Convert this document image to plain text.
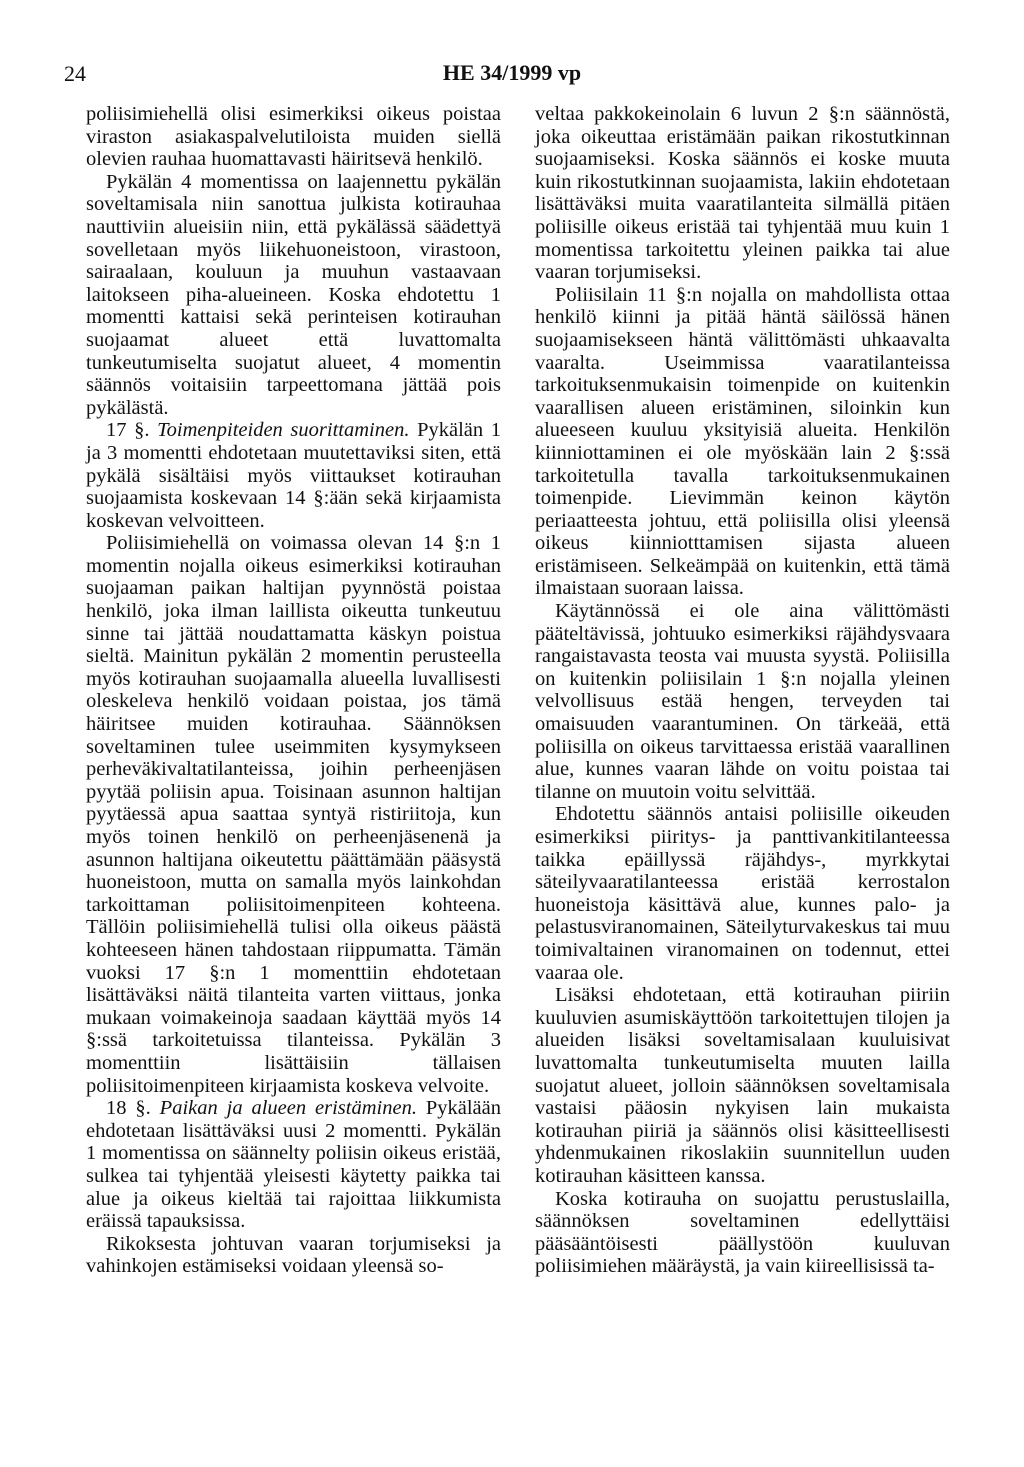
24	HE 34/1999 vp

poliisimiehellä olisi esimerkiksi oikeus poistaa viraston asiakaspalvelutiloista muiden siellä olevien rauhaa huomattavasti häiritsevä henkilö.

Pykälän 4 momentissa on laajennettu pykälän soveltamisala niin sanottua julkista kotirauhaa nauttiviin alueisiin niin, että pykälässä säädettyä sovelletaan myös liikehuoneistoon, virastoon, sairaalaan, kouluun ja muuhun vastaavaan laitokseen piha-alueineen. Koska ehdotettu 1 momentti kattaisi sekä perinteisen kotirauhan suojaamat alueet että luvattomalta tunkeutumiselta suojatut alueet, 4 momentin säännös voitaisiin tarpeettomana jättää pois pykälästä.

17 §. Toimenpiteiden suorittaminen. Pykälän 1 ja 3 momentti ehdotetaan muutettaviksi siten, että pykälä sisältäisi myös viittaukset kotirauhan suojaamista koskevaan 14 §:ään sekä kirjaamista koskevan velvoitteen.

Poliisimiehellä on voimassa olevan 14 §:n 1 momentin nojalla oikeus esimerkiksi kotirauhan suojaaman paikan haltijan pyynnöstä poistaa henkilö, joka ilman laillista oikeutta tunkeutuu sinne tai jättää noudattamatta käskyn poistua sieltä. Mainitun pykälän 2 momentin perusteella myös kotirauhan suojaamalla alueella luvallisesti oleskeleva henkilö voidaan poistaa, jos tämä häiritsee muiden kotirauhaa. Säännöksen soveltaminen tulee useimmiten kysymykseen perheväkivaltatilanteissa, joihin perheenjäsen pyytää poliisin apua. Toisinaan asunnon haltijan pyytäessä apua saattaa syntyä ristiriitoja, kun myös toinen henkilö on perheenjäsenenä ja asunnon haltijana oikeutettu päättämään pääsystä huoneistoon, mutta on samalla myös lainkohdan tarkoittaman poliisitoimenpiteen kohteena. Tällöin poliisimiehellä tulisi olla oikeus päästä kohteeseen hänen tahdostaan riippumatta. Tämän vuoksi 17 §:n 1 momenttiin ehdotetaan lisättäväksi näitä tilanteita varten viittaus, jonka mukaan voimakeinoja saadaan käyttää myös 14 §:ssä tarkoitetuissa tilanteissa. Pykälän 3 momenttiin lisättäisiin tällaisen poliisitoimenpiteen kirjaamista koskeva velvoite.

18 §. Paikan ja alueen eristäminen. Pykälään ehdotetaan lisättäväksi uusi 2 momentti. Pykälän 1 momentissa on säännelty poliisin oikeus eristää, sulkea tai tyhjentää yleisesti käytetty paikka tai alue ja oikeus kieltää tai rajoittaa liikkumista eräissä tapauksissa.

Rikoksesta johtuvan vaaran torjumiseksi ja vahinkojen estämiseksi voidaan yleensä so-

veltaa pakkokeinolain 6 luvun 2 §:n säännöstä, joka oikeuttaa eristämään paikan rikostutkinnan suojaamiseksi. Koska säännös ei koske muuta kuin rikostutkinnan suojaamista, lakiin ehdotetaan lisättäväksi muita vaaratilanteita silmällä pitäen poliisille oikeus eristää tai tyhjentää muu kuin 1 momentissa tarkoitettu yleinen paikka tai alue vaaran torjumiseksi.

Poliisilain 11 §:n nojalla on mahdollista ottaa henkilö kiinni ja pitää häntä säilössä hänen suojaamisekseen häntä välittömästi uhkaavalta vaaralta. Useimmissa vaaratilanteissa tarkoituksenmukaisin toimenpide on kuitenkin vaarallisen alueen eristäminen, siloinkin kun alueeseen kuuluu yksityisiä alueita. Henkilön kiinniottaminen ei ole myöskään lain 2 §:ssä tarkoitetulla tavalla tarkoituksenmukainen toimenpide. Lievimmän keinon käytön periaatteesta johtuu, että poliisilla olisi yleensä oikeus kiinniotttamisen sijasta alueen eristämiseen. Selkeämpää on kuitenkin, että tämä ilmaistaan suoraan laissa.

Käytännössä ei ole aina välittömästi pääteltävissä, johtuuko esimerkiksi räjähdysvaara rangaistavasta teosta vai muusta syystä. Poliisilla on kuitenkin poliisilain 1 §:n nojalla yleinen velvollisuus estää hengen, terveyden tai omaisuuden vaarantuminen. On tärkeää, että poliisilla on oikeus tarvittaessa eristää vaarallinen alue, kunnes vaaran lähde on voitu poistaa tai tilanne on muutoin voitu selvittää.

Ehdotettu säännös antaisi poliisille oikeuden esimerkiksi piiritys- ja panttivankitilanteessa taikka epäillyssä räjähdys-, myrkkytai säteilyvaaratilanteessa eristää kerrostalon huoneistoja käsittävä alue, kunnes palo- ja pelastusviranomainen, Säteilyturvakeskus tai muu toimivaltainen viranomainen on todennut, ettei vaaraa ole.

Lisäksi ehdotetaan, että kotirauhan piiriin kuuluvien asumiskäyttöön tarkoitettujen tilojen ja alueiden lisäksi soveltamisalaan kuuluisivat luvattomalta tunkeutumiselta muuten lailla suojatut alueet, jolloin säännöksen soveltamisala vastaisi pääosin nykyisen lain mukaista kotirauhan piiriä ja säännös olisi käsitteellisesti yhdenmukainen rikoslakiin suunnitellun uuden kotirauhan käsitteen kanssa.

Koska kotirauha on suojattu perustuslailla, säännöksen soveltaminen edellyttäisi pääsääntöisesti päällystöön kuuluvan poliisimiehen määräystä, ja vain kiireellisissä ta-
